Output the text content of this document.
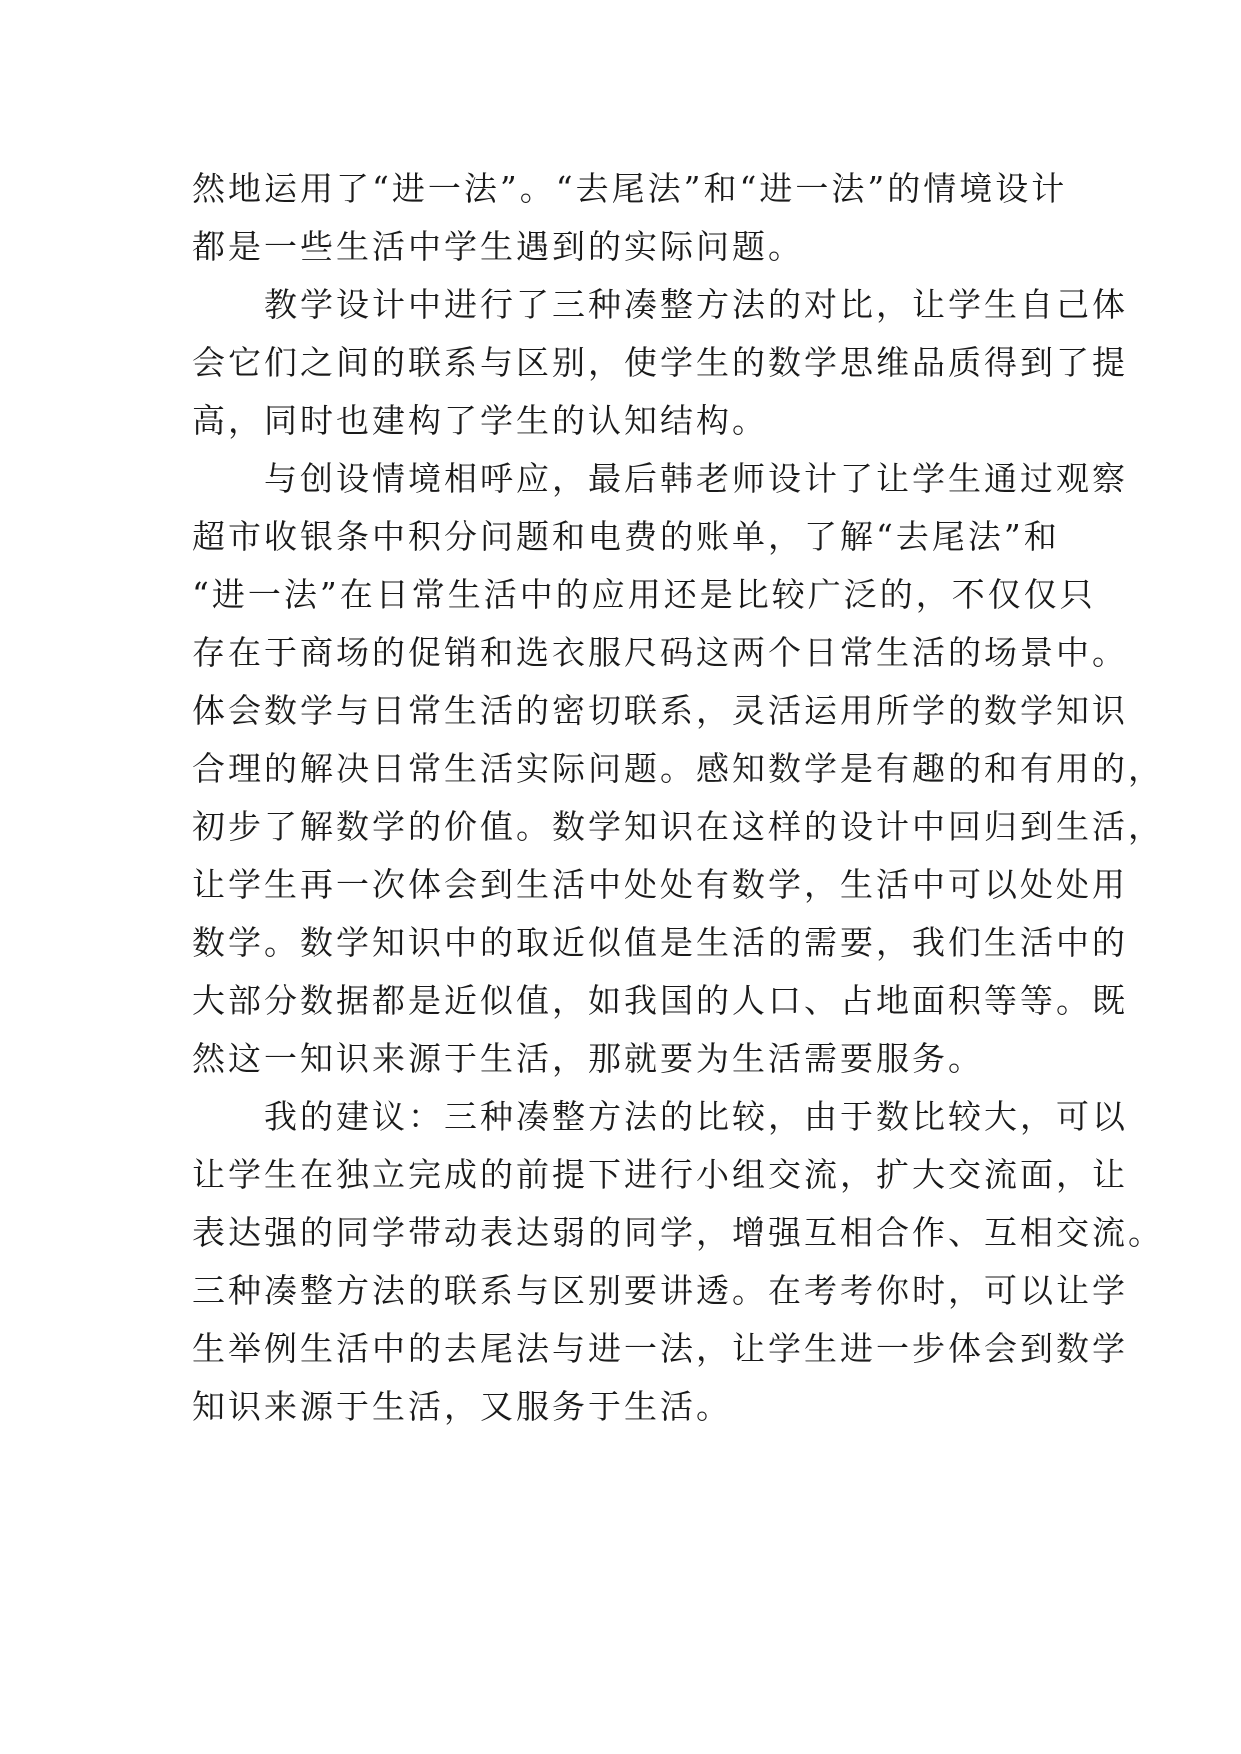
然地运用了“进一法”。“去尾法”和“进一法”的情境设计
都是一些生活中学生遇到的实际问题。
　　教学设计中进行了三种凑整方法的对比，让学生自己体
会它们之间的联系与区别，使学生的数学思维品质得到了提
高，同时也建构了学生的认知结构。
　　与创设情境相呼应，最后韩老师设计了让学生通过观察
超市收银条中积分问题和电费的账单，了解“去尾法”和
“进一法”在日常生活中的应用还是比较广泛的，不仅仅只
存在于商场的促销和选衣服尺码这两个日常生活的场景中。
体会数学与日常生活的密切联系，灵活运用所学的数学知识
合理的解决日常生活实际问题。感知数学是有趣的和有用的，
初步了解数学的价值。数学知识在这样的设计中回归到生活，
让学生再一次体会到生活中处处有数学，生活中可以处处用
数学。数学知识中的取近似值是生活的需要，我们生活中的
大部分数据都是近似值，如我国的人口、占地面积等等。既
然这一知识来源于生活，那就要为生活需要服务。
　　我的建议：三种凑整方法的比较，由于数比较大，可以
让学生在独立完成的前提下进行小组交流，扩大交流面，让
表达强的同学带动表达弱的同学，增强互相合作、互相交流。
三种凑整方法的联系与区别要讲透。在考考你时，可以让学
生举例生活中的去尾法与进一法，让学生进一步体会到数学
知识来源于生活，又服务于生活。
